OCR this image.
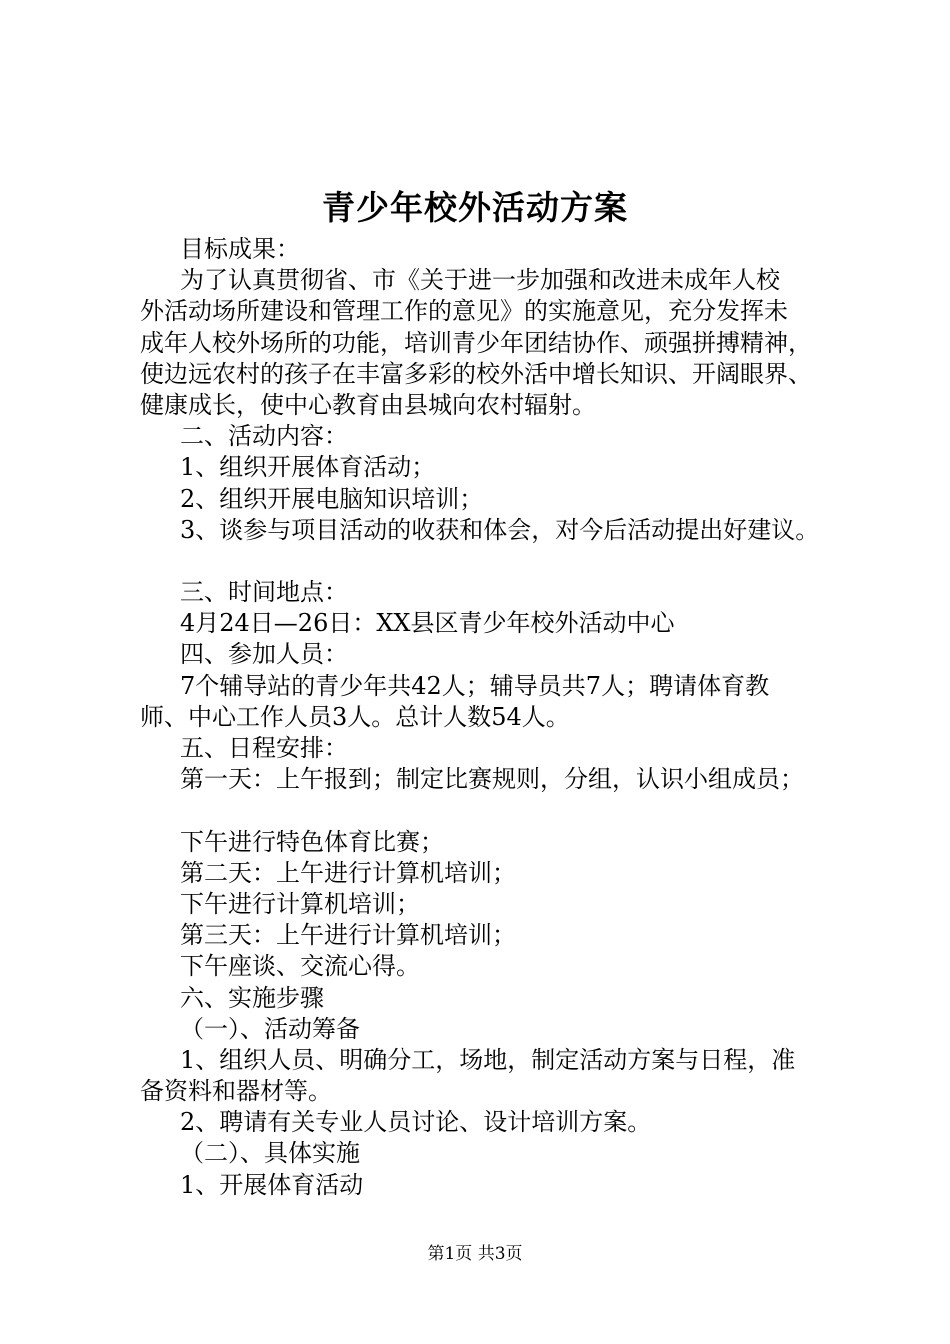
青少年校外活动方案
目标成果：
为了认真贯彻省、市《关于进一步加强和改进未成年人校
外活动场所建设和管理工作的意见》的实施意见，充分发挥未
成年人校外场所的功能，培训青少年团结协作、顽强拼搏精神，
使边远农村的孩子在丰富多彩的校外活中增长知识、开阔眼界、
健康成长，使中心教育由县城向农村辐射。
二、活动内容：
1、组织开展体育活动；
2、组织开展电脑知识培训；
3、谈参与项目活动的收获和体会，对今后活动提出好建议。
三、时间地点：
4月24日—26日：XX县区青少年校外活动中心
四、参加人员：
7个辅导站的青少年共42人；辅导员共7人；聘请体育教
师、中心工作人员3人。总计人数54人。
五、日程安排：
第一天：上午报到；制定比赛规则，分组，认识小组成员；
下午进行特色体育比赛；
第二天：上午进行计算机培训；
下午进行计算机培训；
第三天：上午进行计算机培训；
下午座谈、交流心得。
六、实施步骤
（一）、活动筹备
1、组织人员、明确分工，场地，制定活动方案与日程，准
备资料和器材等。
2、聘请有关专业人员讨论、设计培训方案。
（二）、具体实施
1、开展体育活动
第1页 共3页
